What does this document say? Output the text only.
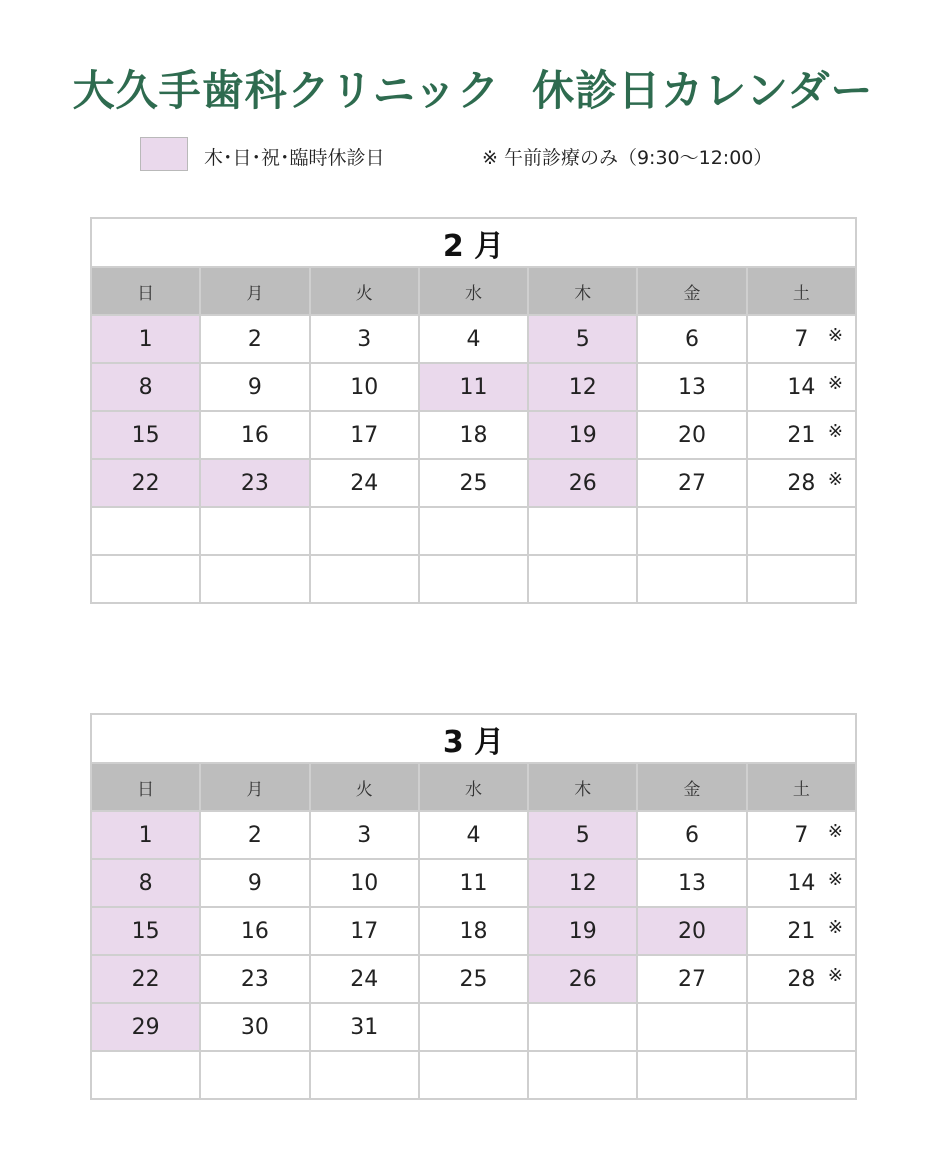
大久手歯科クリニック 休診日カレンダー
木･日･祝･臨時休診日	※ 午前診療のみ（9:30～12:00）
2 月						
日	月	火	水	木	金	土
1	2	3	4	5	6	7 ※

8	9	10	11	12	13	14 ※

15	16	17	18	19	20	21 ※

22	23	24	25	26	27	28 ※

3 月						
日	月	火	水	木	金	土
1	2	3	4	5	6	7 ※

8	9	10	11	12	13	14 ※

15	16	17	18	19	20	21 ※

22	23	24	25	26	27	28 ※

29	30	31				
